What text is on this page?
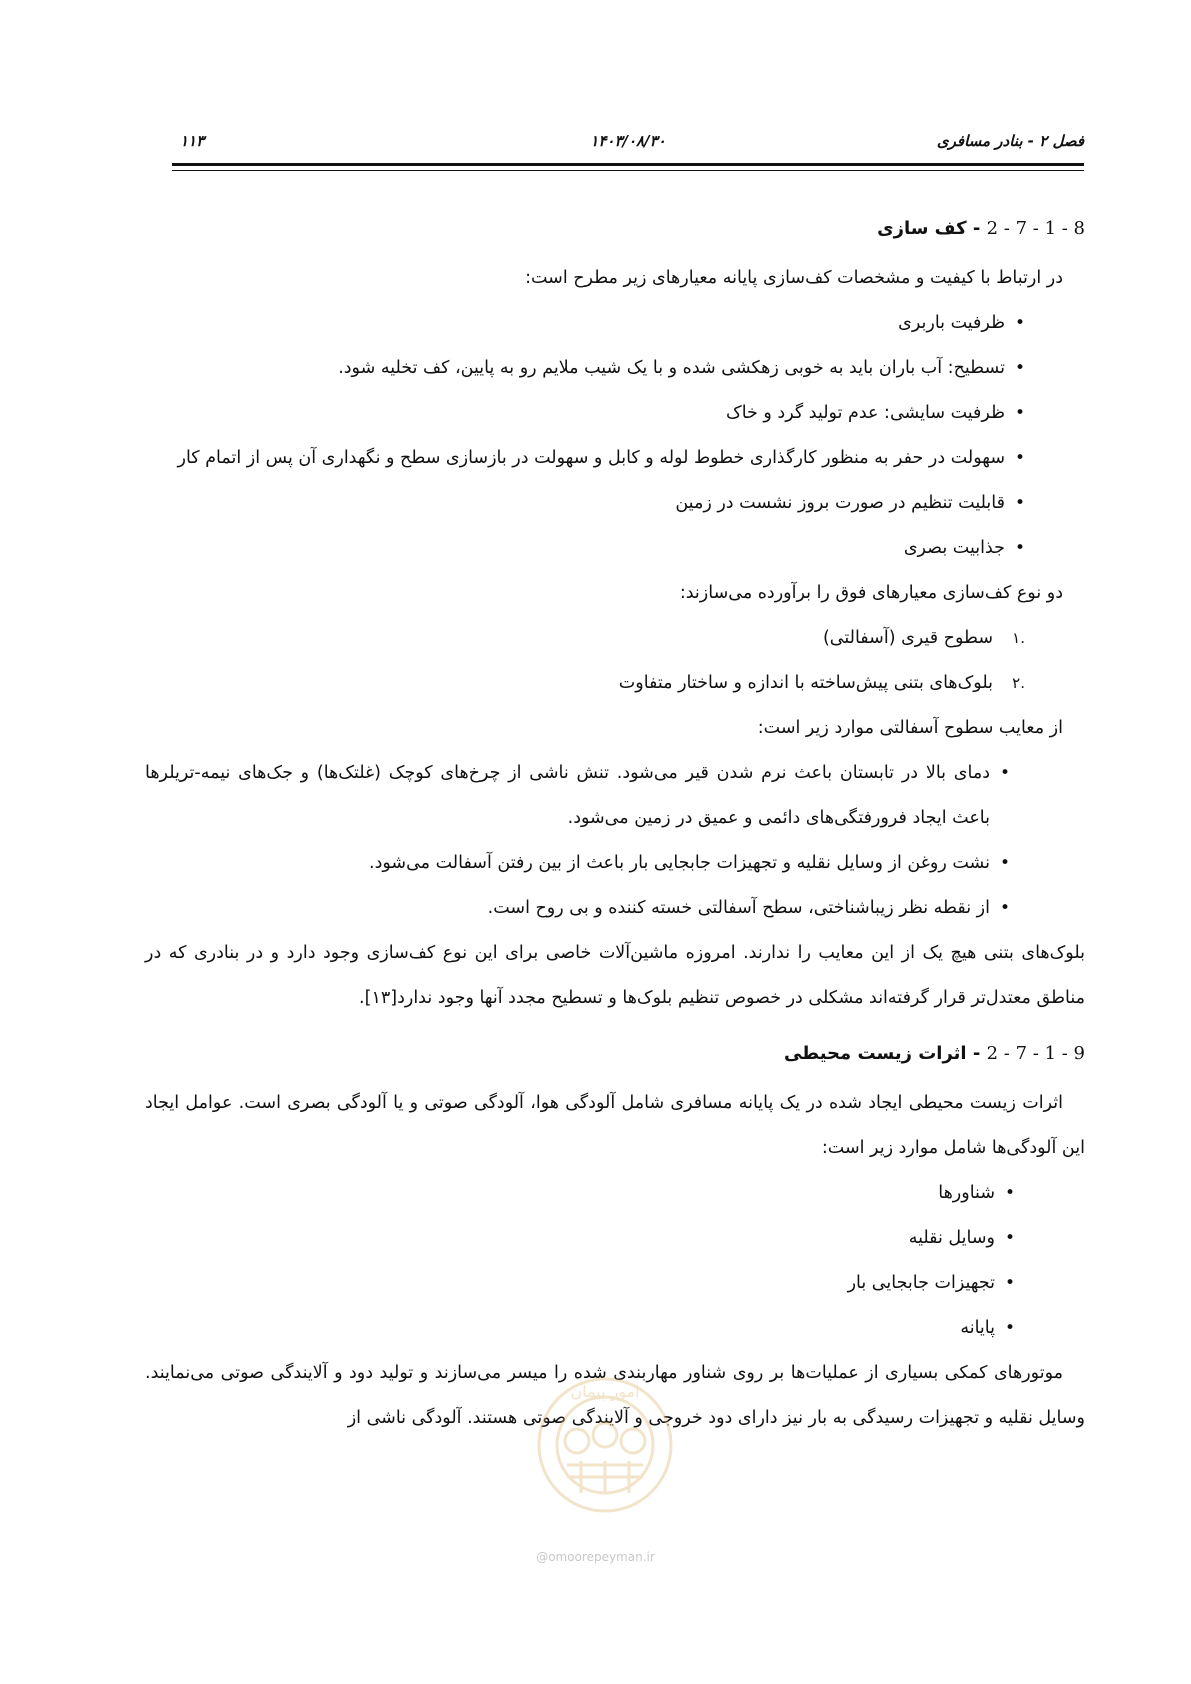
فصل ۲ - بنادر مسافری
۱۴۰۳/۰۸/۳۰
۱۱۳

2 - 7 - 1 - 8 - کف سازی

در ارتباط با کیفیت و مشخصات کف‌سازی پایانه معیارهای زیر مطرح است:

• ظرفیت باربری
• تسطیح: آب باران باید به خوبی زهکشی شده و با یک شیب ملایم رو به پایین، کف تخلیه شود.
• ظرفیت سایشی: عدم تولید گرد و خاک
• سهولت در حفر به منظور کارگذاری خطوط لوله و کابل و سهولت در بازسازی سطح و نگهداری آن پس از اتمام کار
• قابلیت تنظیم در صورت بروز نشست در زمین
• جذابیت بصری

دو نوع کف‌سازی معیارهای فوق را برآورده می‌سازند:

.۱
سطوح قیری (آسفالتی)
.۲
بلوک‌های بتنی پیش‌ساخته با اندازه و ساختار متفاوت

از معایب سطوح آسفالتی موارد زیر است:

• دمای بالا در تابستان باعث نرم شدن قیر می‌شود. تنش ناشی از چرخ‌های کوچک (غلتک‌ها) و جک‌های نیمه-تریلرها باعث ایجاد فرورفتگی‌های دائمی و عمیق در زمین می‌شود.
• نشت روغن از وسایل نقلیه و تجهیزات جابجایی بار باعث از بین رفتن آسفالت می‌شود.
• از نقطه نظر زیباشناختی، سطح آسفالتی خسته کننده و بی روح است.

بلوک‌های بتنی هیچ یک از این معایب را ندارند. امروزه ماشین‌آلات خاصی برای این نوع کف‌سازی وجود دارد و در بنادری که در مناطق معتدل‌تر قرار گرفته‌اند مشکلی در خصوص تنظیم بلوک‌ها و تسطیح مجدد آنها وجود ندارد[۱۳].

2 - 7 - 1 - 9 - اثرات زیست محیطی

اثرات زیست محیطی ایجاد شده در یک پایانه مسافری شامل آلودگی هوا، آلودگی صوتی و یا آلودگی بصری است. عوامل ایجاد این آلودگی‌ها شامل موارد زیر است:

• شناورها
• وسایل نقلیه
• تجهیزات جابجایی بار
• پایانه

موتورهای کمکی بسیاری از عملیات‌ها بر روی شناور مهاربندی شده را میسر می‌سازند و تولید دود و آلایندگی صوتی می‌نمایند. وسایل نقلیه و تجهیزات رسیدگی به بار نیز دارای دود خروجی و آلایندگی صوتی هستند. آلودگی ناشی از

امور پیمان
@omoorepeyman.ir
